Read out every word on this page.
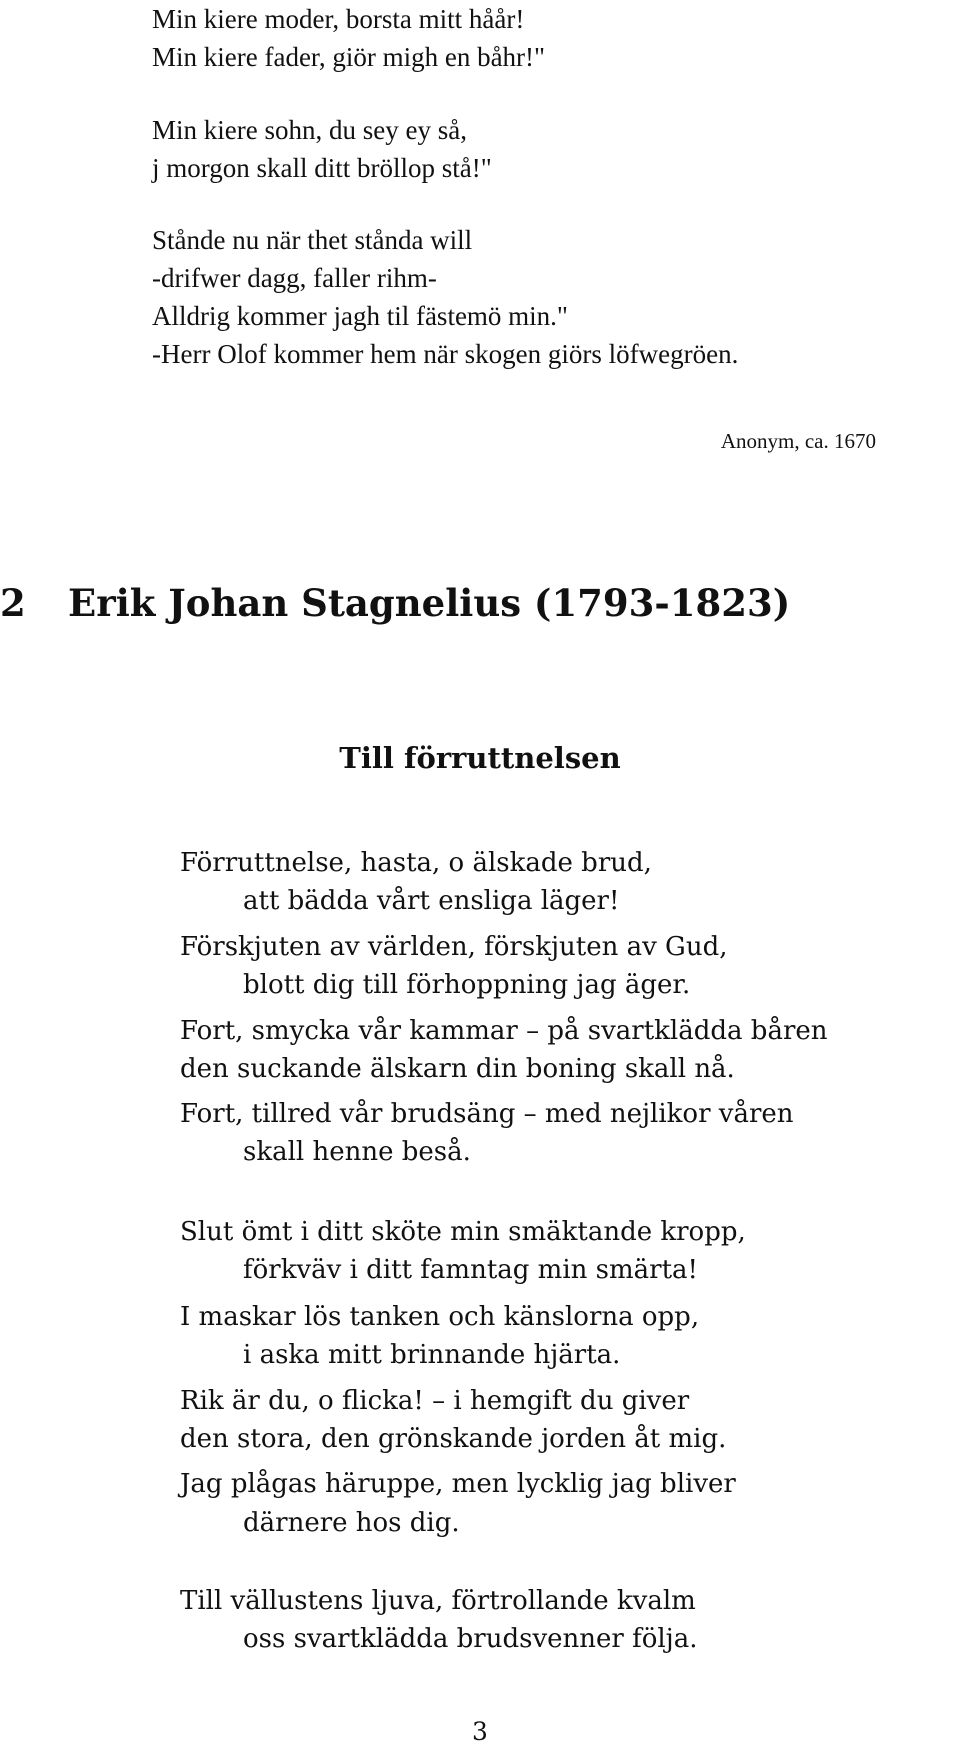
Min kiere moder, borsta mitt håår!

Min kiere fader, giör migh en båhr!"

Min kiere sohn, du sey ey så,

j morgon skall ditt bröllop stå!"

Stånde nu när thet stånda will

-drifwer dagg, faller rihm-

Alldrig kommer jagh til fästemö min."

-Herr Olof kommer hem när skogen giörs löfwegröen.

Anonym, ca. 1670
2 Erik Johan Stagnelius (1793-1823)
Till förruttnelsen

Förruttnelse, hasta, o älskade brud,

att bädda vårt ensliga läger!

Förskjuten av världen, förskjuten av Gud,

blott dig till förhoppning jag äger.

Fort, smycka vår kammar – på svartklädda båren

den suckande älskarn din boning skall nå.

Fort, tillred vår brudsäng – med nejlikor våren

skall henne beså.

Slut ömt i ditt sköte min smäktande kropp,

förkväv i ditt famntag min smärta!

I maskar lös tanken och känslorna opp,

i aska mitt brinnande hjärta.

Rik är du, o flicka! – i hemgift du giver

den stora, den grönskande jorden åt mig.

Jag plågas häruppe, men lycklig jag bliver

därnere hos dig.

Till vällustens ljuva, förtrollande kvalm

oss svartklädda brudsvenner följa.

3
